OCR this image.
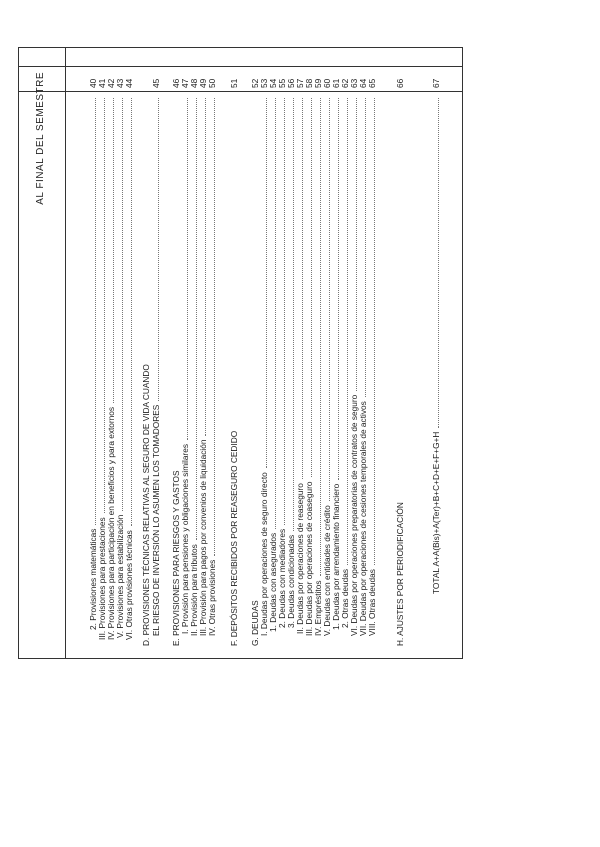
AL FINAL DEL SEMESTRE
2. Provisiones matemáticas
40
III. Provisiones para prestaciones
41
IV. Provisiones para participación en beneficios y para extornos
42
V. Provisiones para estabilización
43
VI. Otras provisiones técnicas
44
D. PROVISIONES TÉCNICAS RELATIVAS AL SEGURO DE VIDA CUANDO EL RIESGO DE INVERSIÓN LO ASUMEN LOS TOMADORES
45
E. PROVISIONES PARA RIESGOS Y GASTOS
46
I. Provisión para pensiones y obligaciones similares
47
II. Provisión para tributos
48
III. Provisión para pagos por convenios de liquidación
49
IV. Otras provisiones
50
F. DEPÓSITOS RECIBIDOS POR REASEGURO CEDIDO
51
G. DEUDAS
52
I. Deudas por operaciones de seguro directo
53
1. Deudas con asegurados
54
2. Deudas con mediadores
55
3. Deudas condicionadas
56
II. Deudas por operaciones de reaseguro
57
III. Deudas por operaciones de coaseguro
58
IV. Empréstitos
59
V. Deudas con entidades de crédito
60
1. Deudas por arrendamiento financiero
61
2. Otras deudas
62
VI. Deudas por operaciones preparatorias de contratos de seguro
63
VII. Deudas por operaciones de cesiones temporales de activos
64
VIII. Otras deudas
65
H. AJUSTES POR PERIODIFICACIÓN
66
TOTAL A+A(Bis)+A(Ter)+B+C+D+E+F+G+H
67
